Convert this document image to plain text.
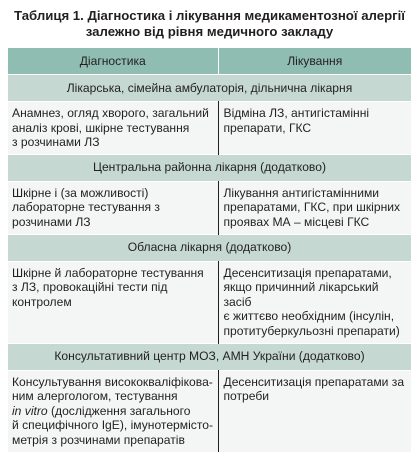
Таблиця 1. Діагностика і лікування медикаментозної алергії
залежно від рівня медичного закладу
Діагностика	Лікування
Лікарська, сімейна амбулаторія, дільнична лікарня	

Анамнез, огляд хворого, загальний
аналіз крові, шкірне тестування
з розчинами ЛЗ	Відміна ЛЗ, антигістамінні
препарати, ГКС

Центральна районна лікарня (додатково)	

Шкірне і (за можливості)
лабораторне тестування з
розчинами ЛЗ	Лікування антигістамінними
препаратами, ГКС, при шкірних
проявах МА – місцеві ГКС

Обласна лікарня (додатково)	

Шкірне й лабораторне тестування
з ЛЗ, провокаційні тести під
контролем	Десенситизація препаратами,
якщо причинний лікарський засіб
є життєво необхідним (інсулін,
протитуберкульозні препарати)

Консультативний центр МОЗ, АМН України (додатково)	

Консультування висококваліфікова-
ним алергологом, тестування
in vitro (дослідження загального
й специфічного IgE), імунотермісто-
метрія з розчинами препаратів	Десенситизація препаратами за
потреби
